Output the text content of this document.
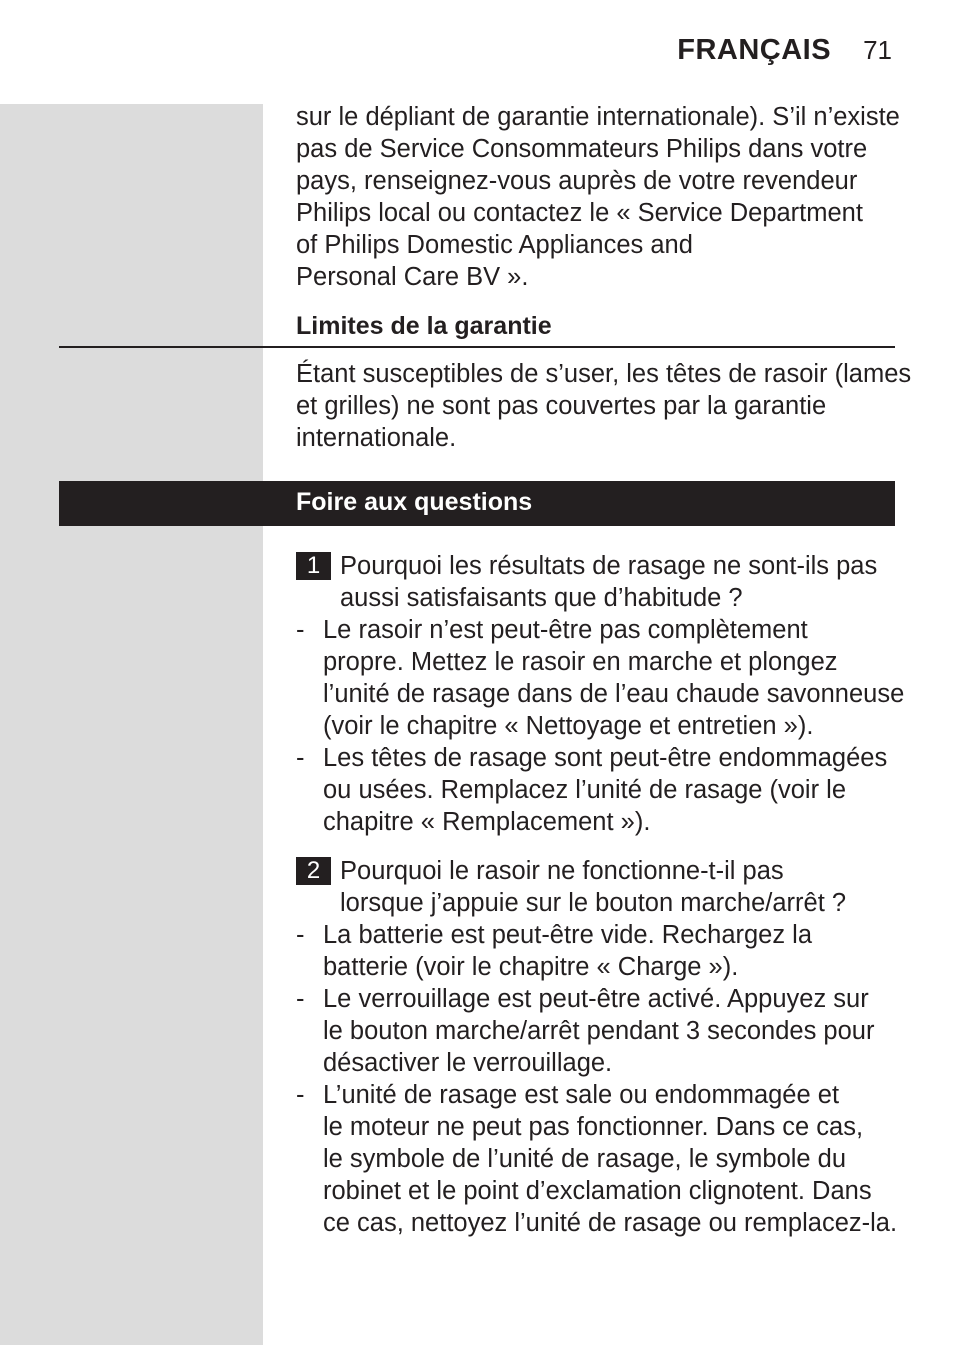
FRANÇAIS 71

sur le dépliant de garantie internationale). S’il n’existe
pas de Service Consommateurs Philips dans votre
pays, renseignez-vous auprès de votre revendeur
Philips local ou contactez le « Service Department
of Philips Domestic Appliances and
Personal Care BV ».

Limites de la garantie

Étant susceptibles de s’user, les têtes de rasoir (lames
et grilles) ne sont pas couvertes par la garantie
internationale.

Foire aux questions
1 Pourquoi les résultats de rasage ne sont-ils pas
aussi satisfaisants que d’habitude ?
- Le rasoir n’est peut-être pas complètement
propre. Mettez le rasoir en marche et plongez
l’unité de rasage dans de l’eau chaude savonneuse
(voir le chapitre « Nettoyage et entretien »).
- Les têtes de rasage sont peut-être endommagées
ou usées. Remplacez l’unité de rasage (voir le
chapitre « Remplacement »).
2 Pourquoi le rasoir ne fonctionne-t-il pas
lorsque j’appuie sur le bouton marche/arrêt ?
- La batterie est peut-être vide. Rechargez la
batterie (voir le chapitre « Charge »).
- Le verrouillage est peut-être activé. Appuyez sur
le bouton marche/arrêt pendant 3 secondes pour
désactiver le verrouillage.
- L’unité de rasage est sale ou endommagée et
le moteur ne peut pas fonctionner. Dans ce cas,
le symbole de l’unité de rasage, le symbole du
robinet et le point d’exclamation clignotent. Dans
ce cas, nettoyez l’unité de rasage ou remplacez-la.
